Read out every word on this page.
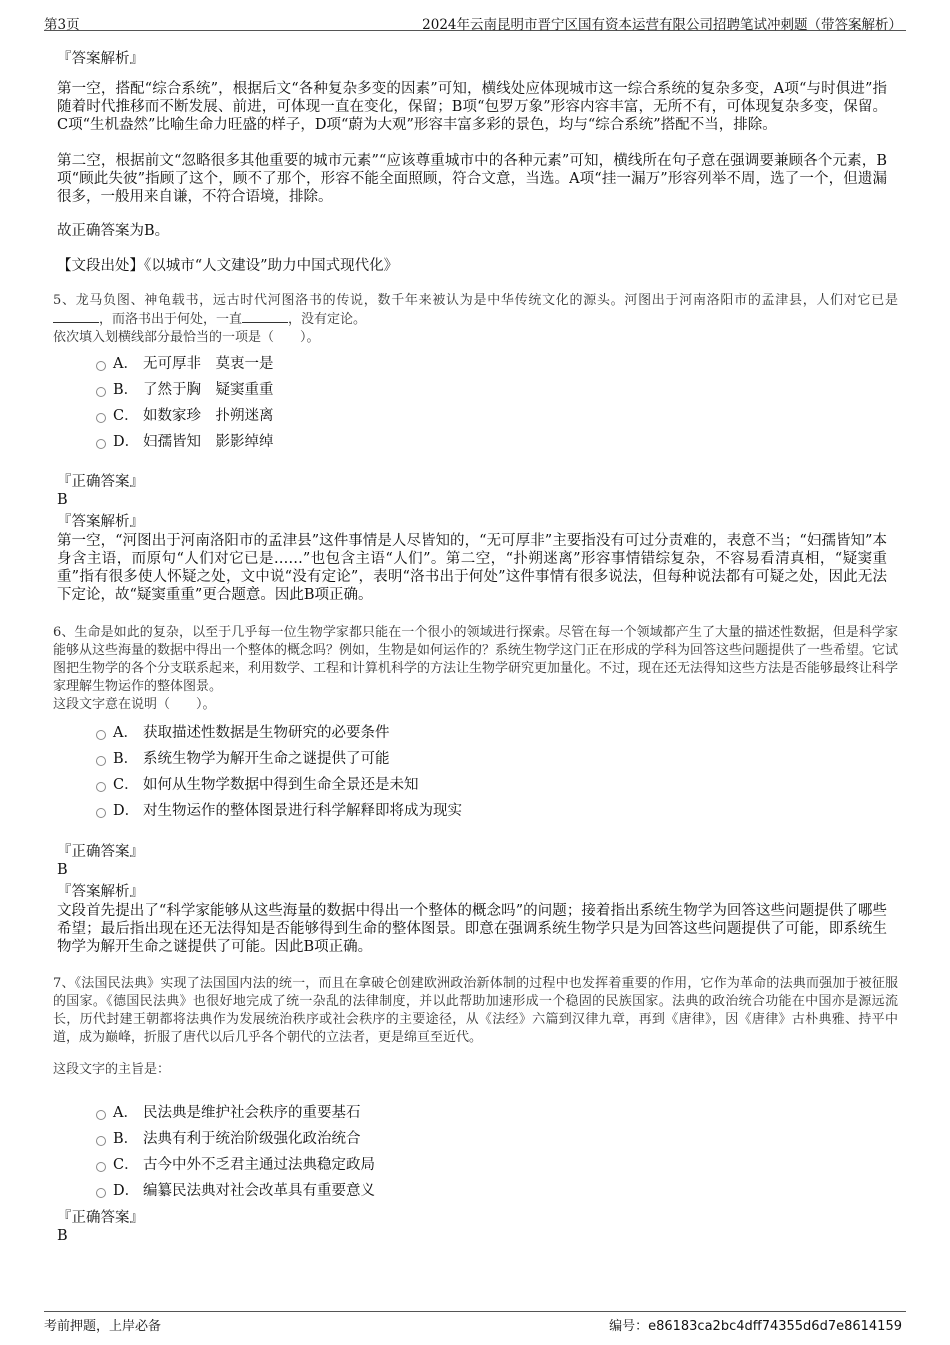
第3页	2024年云南昆明市晋宁区国有资本运营有限公司招聘笔试冲刺题（带答案解析）
『答案解析』
第一空，搭配“综合系统”，根据后文“各种复杂多变的因素”可知，横线处应体现城市这一综合系统的复杂多变，A项“与时俱进”指随着时代推移而不断发展、前进，可体现一直在变化，保留；B项“包罗万象”形容内容丰富，无所不有，可体现复杂多变，保留。C项“生机盎然”比喻生命力旺盛的样子，D项“蔚为大观”形容丰富多彩的景色，均与“综合系统”搭配不当，排除。
第二空，根据前文“忽略很多其他重要的城市元素”“应该尊重城市中的各种元素”可知，横线所在句子意在强调要兼顾各个元素，B项“顾此失彼”指顾了这个，顾不了那个，形容不能全面照顾，符合文意，当选。A项“挂一漏万”形容列举不周，选了一个，但遗漏很多，一般用来自谦，不符合语境，排除。
故正确答案为B。
【文段出处】《以城市“人文建设”助力中国式现代化》

5、龙马负图、神龟载书，远古时代河图洛书的传说，数千年来被认为是中华传统文化的源头。河图出于河南洛阳市的孟津县，人们对它已是，而洛书出于何处，一直	，没有定论。

依次填入划横线部分最恰当的一项是（　　）。

A． 无可厚非　莫衷一是
B． 了然于胸　疑窦重重
C． 如数家珍　扑朔迷离
D． 妇孺皆知　影影绰绰
『正确答案』
B
『答案解析』
第一空，“河图出于河南洛阳市的孟津县”这件事情是人尽皆知的，“无可厚非”主要指没有可过分责难的，表意不当；“妇孺皆知”本身含主语，而原句“人们对它已是……”也包含主语“人们”。第二空，“扑朔迷离”形容事情错综复杂，不容易看清真相，“疑窦重重”指有很多使人怀疑之处，文中说“没有定论”，表明“洛书出于何处”这件事情有很多说法，但每种说法都有可疑之处，因此无法下定论，故“疑窦重重”更合题意。因此B项正确。

6、生命是如此的复杂，以至于几乎每一位生物学家都只能在一个很小的领域进行探索。尽管在每一个领域都产生了大量的描述性数据，但是科学家能够从这些海量的数据中得出一个整体的概念吗？例如，生物是如何运作的？系统生物学这门正在形成的学科为回答这些问题提供了一些希望。它试图把生物学的各个分支联系起来，利用数学、工程和计算机科学的方法让生物学研究更加量化。不过，现在还无法得知这些方法是否能够最终让科学家理解生物运作的整体图景。

这段文字意在说明（　　）。

A． 获取描述性数据是生物研究的必要条件
B． 系统生物学为解开生命之谜提供了可能
C． 如何从生物学数据中得到生命全景还是未知
D． 对生物运作的整体图景进行科学解释即将成为现实
『正确答案』
B
『答案解析』
文段首先提出了“科学家能够从这些海量的数据中得出一个整体的概念吗”的问题；接着指出系统生物学为回答这些问题提供了哪些希望；最后指出现在还无法得知是否能够得到生命的整体图景。即意在强调系统生物学只是为回答这些问题提供了可能，即系统生物学为解开生命之谜提供了可能。因此B项正确。

7、《法国民法典》实现了法国国内法的统一，而且在拿破仑创建欧洲政治新体制的过程中也发挥着重要的作用，它作为革命的法典而强加于被征服的国家。《德国民法典》也很好地完成了统一杂乱的法律制度，并以此帮助加速形成一个稳固的民族国家。法典的政治统合功能在中国亦是源远流长，历代封建王朝都将法典作为发展统治秩序或社会秩序的主要途径，从《法经》六篇到汉律九章，再到《唐律》，因《唐律》古朴典雅、持平中道，成为巅峰，折服了唐代以后几乎各个朝代的立法者，更是绵亘至近代。

这段文字的主旨是：

A． 民法典是维护社会秩序的重要基石
B． 法典有利于统治阶级强化政治统合
C． 古今中外不乏君主通过法典稳定政局
D． 编纂民法典对社会改革具有重要意义
『正确答案』
B
考前押题，上岸必备	编号：e86183ca2bc4dff74355d6d7e8614159
